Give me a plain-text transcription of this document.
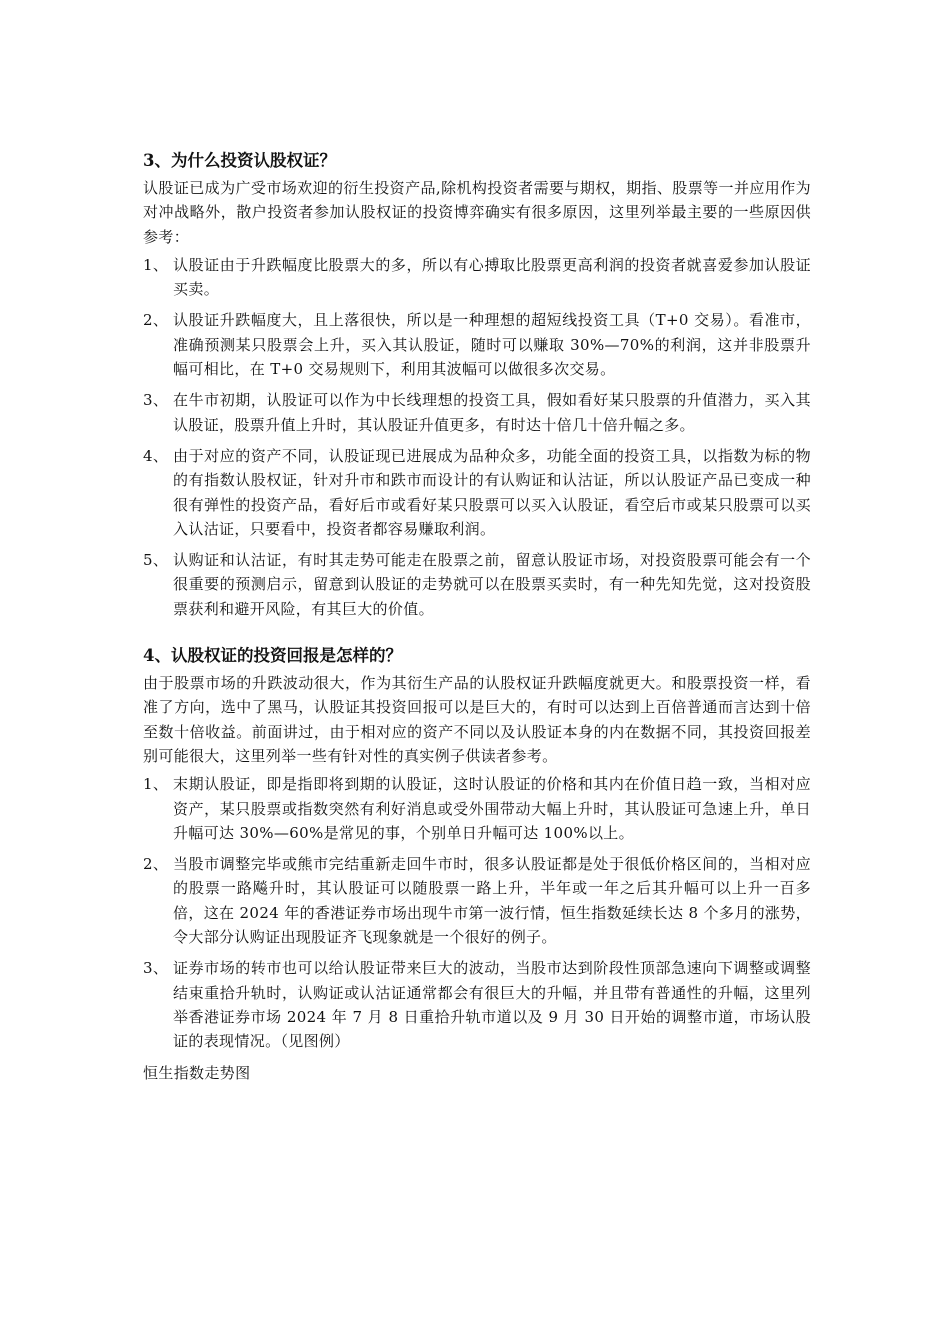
3、为什么投资认股权证？

认股证已成为广受市场欢迎的衍生投资产品,除机构投资者需要与期权，期指、股票等一并应用作为对冲战略外，散户投资者参加认股权证的投资博弈确实有很多原因，这里列举最主要的一些原因供参考：

1、 认股证由于升跌幅度比股票大的多，所以有心搏取比股票更高利润的投资者就喜爱参加认股证买卖。
2、 认股证升跌幅度大，且上落很快，所以是一种理想的超短线投资工具（T+0 交易）。看准市，准确预测某只股票会上升，买入其认股证，随时可以赚取 30%—70%的利润，这并非股票升幅可相比，在 T+0 交易规则下，利用其波幅可以做很多次交易。
3、 在牛市初期，认股证可以作为中长线理想的投资工具，假如看好某只股票的升值潜力，买入其认股证，股票升值上升时，其认股证升值更多，有时达十倍几十倍升幅之多。
4、 由于对应的资产不同，认股证现已进展成为品种众多，功能全面的投资工具，以指数为标的物的有指数认股权证，针对升市和跌市而设计的有认购证和认沽证，所以认股证产品已变成一种很有弹性的投资产品，看好后市或看好某只股票可以买入认股证，看空后市或某只股票可以买入认沽证，只要看中，投资者都容易赚取利润。
5、 认购证和认沽证，有时其走势可能走在股票之前，留意认股证市场，对投资股票可能会有一个很重要的预测启示，留意到认股证的走势就可以在股票买卖时，有一种先知先觉，这对投资股票获利和避开风险，有其巨大的价值。
4、认股权证的投资回报是怎样的？

由于股票市场的升跌波动很大，作为其衍生产品的认股权证升跌幅度就更大。和股票投资一样，看准了方向，选中了黑马，认股证其投资回报可以是巨大的，有时可以达到上百倍普通而言达到十倍至数十倍收益。前面讲过，由于相对应的资产不同以及认股证本身的内在数据不同，其投资回报差别可能很大，这里列举一些有针对性的真实例子供读者参考。

1、 末期认股证，即是指即将到期的认股证，这时认股证的价格和其内在价值日趋一致，当相对应资产，某只股票或指数突然有利好消息或受外围带动大幅上升时，其认股证可急速上升，单日升幅可达 30%—60%是常见的事，个别单日升幅可达 100%以上。
2、 当股市调整完毕或熊市完结重新走回牛市时，很多认股证都是处于很低价格区间的，当相对应的股票一路飚升时，其认股证可以随股票一路上升，半年或一年之后其升幅可以上升一百多倍，这在 2024 年的香港证券市场出现牛市第一波行情，恒生指数延续长达 8 个多月的涨势，令大部分认购证出现股证齐飞现象就是一个很好的例子。
3、 证券市场的转市也可以给认股证带来巨大的波动，当股市达到阶段性顶部急速向下调整或调整结束重拾升轨时，认购证或认沽证通常都会有很巨大的升幅，并且带有普通性的升幅，这里列举香港证券市场 2024 年 7 月 8 日重拾升轨市道以及 9 月 30 日开始的调整市道，市场认股证的表现情况。（见图例）
恒生指数走势图
